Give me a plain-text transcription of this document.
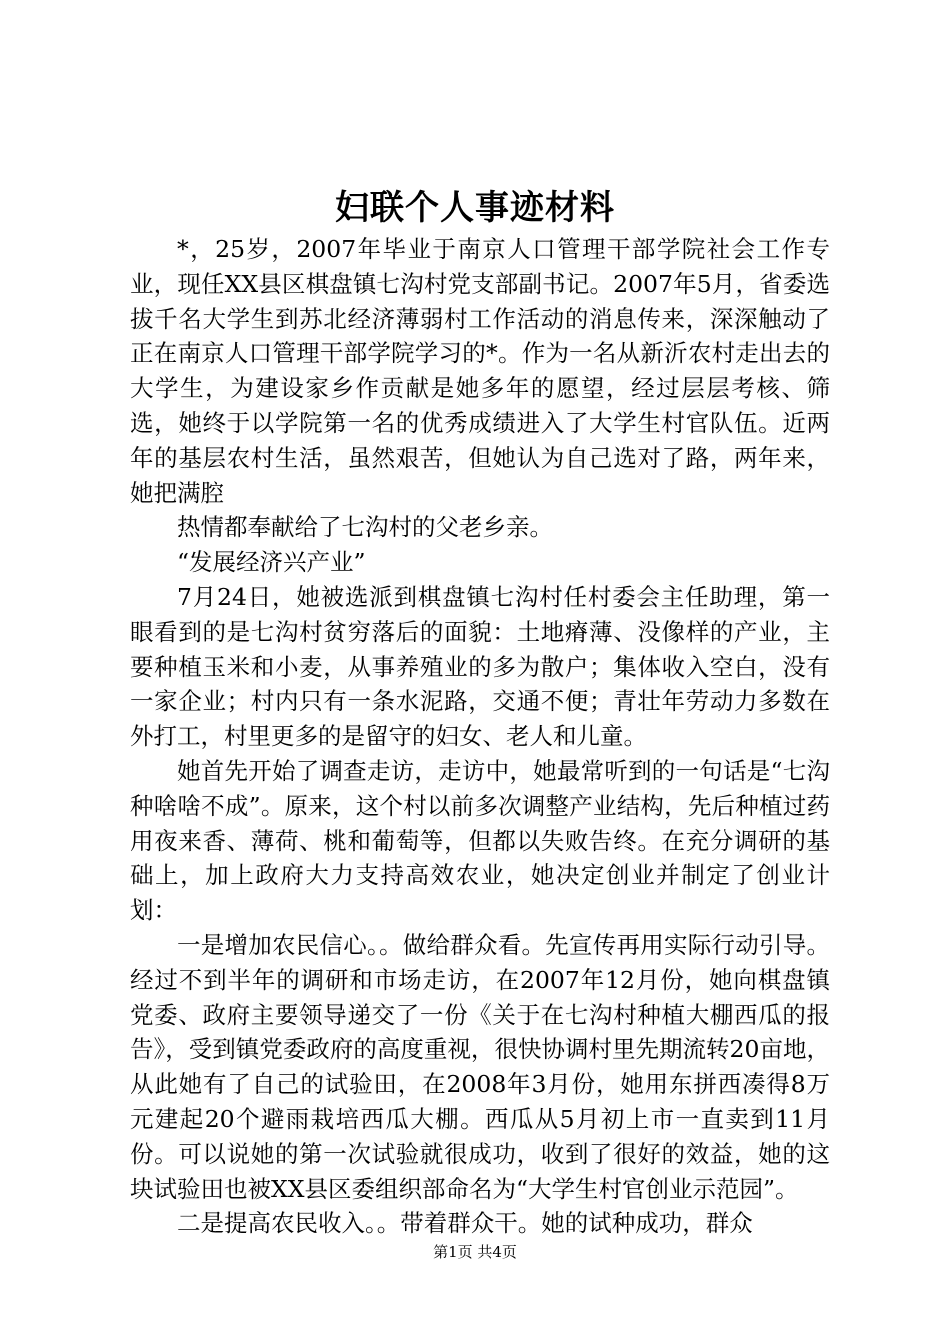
妇联个人事迹材料

*，25岁，2007年毕业于南京人口管理干部学院社会工作专业，现任XX县区棋盘镇七沟村党支部副书记。2007年5月，省委选拔千名大学生到苏北经济薄弱村工作活动的消息传来，深深触动了正在南京人口管理干部学院学习的*。作为一名从新沂农村走出去的大学生，为建设家乡作贡献是她多年的愿望，经过层层考核、筛选，她终于以学院第一名的优秀成绩进入了大学生村官队伍。近两年的基层农村生活，虽然艰苦，但她认为自己选对了路，两年来，她把满腔

热情都奉献给了七沟村的父老乡亲。

“发展经济兴产业”

7月24日，她被选派到棋盘镇七沟村任村委会主任助理，第一眼看到的是七沟村贫穷落后的面貌：土地瘠薄、没像样的产业，主要种植玉米和小麦，从事养殖业的多为散户；集体收入空白，没有一家企业；村内只有一条水泥路，交通不便；青壮年劳动力多数在外打工，村里更多的是留守的妇女、老人和儿童。

她首先开始了调查走访，走访中，她最常听到的一句话是“七沟种啥啥不成”。原来，这个村以前多次调整产业结构，先后种植过药用夜来香、薄荷、桃和葡萄等，但都以失败告终。在充分调研的基础上，加上政府大力支持高效农业，她决定创业并制定了创业计划：

一是增加农民信心。。做给群众看。先宣传再用实际行动引导。经过不到半年的调研和市场走访，在2007年12月份，她向棋盘镇党委、政府主要领导递交了一份《关于在七沟村种植大棚西瓜的报告》，受到镇党委政府的高度重视，很快协调村里先期流转20亩地，从此她有了自己的试验田，在2008年3月份，她用东拼西凑得8万元建起20个避雨栽培西瓜大棚。西瓜从5月初上市一直卖到11月份。可以说她的第一次试验就很成功，收到了很好的效益，她的这块试验田也被XX县区委组织部命名为“大学生村官创业示范园”。

二是提高农民收入。。带着群众干。她的试种成功，群众

第1页 共4页
